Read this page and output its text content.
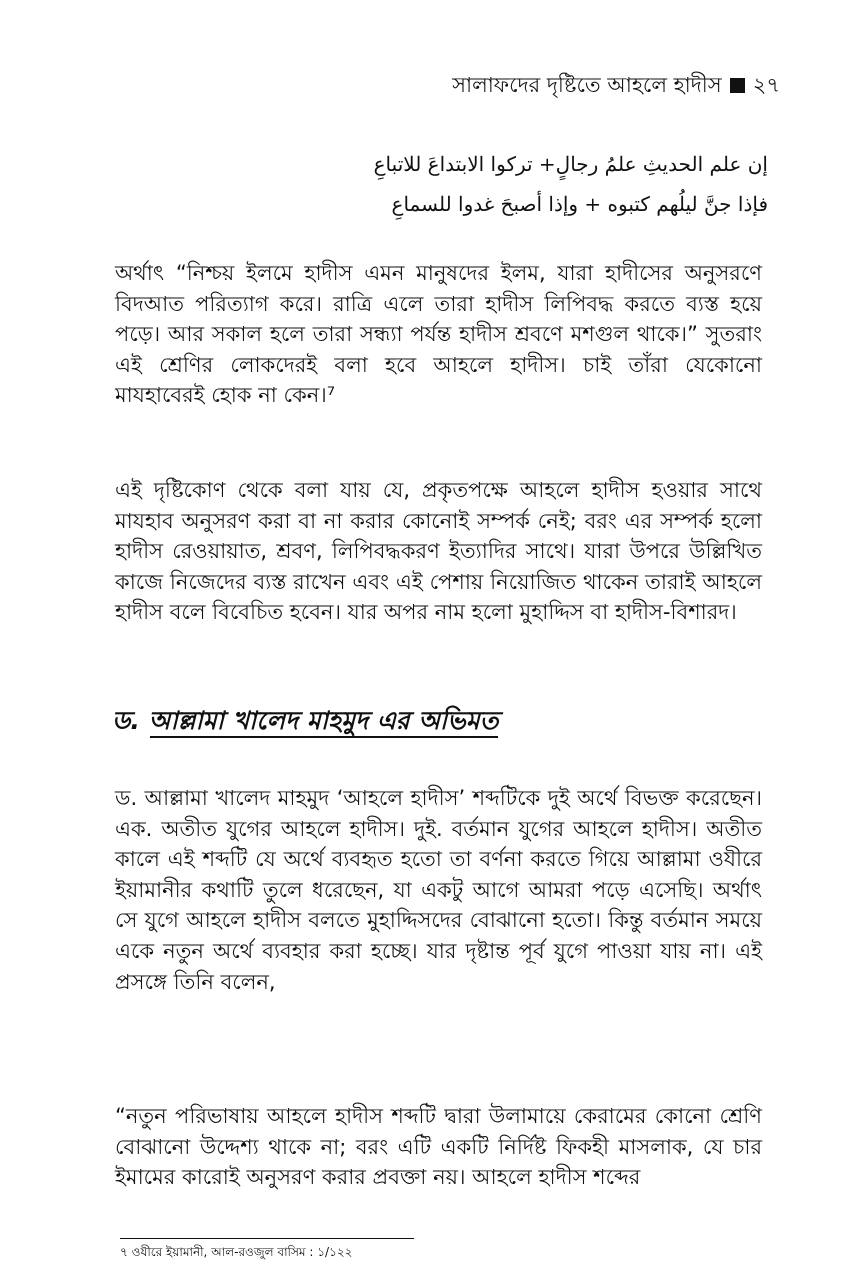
সালাফদের দৃষ্টিতে আহলে হাদীস ২৭
إن علم الحديثِ علمُ رجالٍ+ تركوا الابتداعَ للاتباعِ
فإذا جنَّ ليلُهم كتبوه + وإذا أصبحَ غدوا للسماعِ

অর্থাৎ “নিশ্চয় ইলমে হাদীস এমন মানুষদের ইলম, যারা হাদীসের অনুসরণে বিদআত পরিত্যাগ করে। রাত্রি এলে তারা হাদীস লিপিবদ্ধ করতে ব্যস্ত হয়ে পড়ে। আর সকাল হলে তারা সন্ধ্যা পর্যন্ত হাদীস শ্রবণে মশগুল থাকে।” সুতরাং এই শ্রেণির লোকদেরই বলা হবে আহলে হাদীস। চাই তাঁরা যেকোনো মাযহাবেরই হোক না কেন।⁷

এই দৃষ্টিকোণ থেকে বলা যায় যে, প্রকৃতপক্ষে আহলে হাদীস হওয়ার সাথে মাযহাব অনুসরণ করা বা না করার কোনোই সম্পর্ক নেই; বরং এর সম্পর্ক হলো হাদীস রেওয়ায়াত, শ্রবণ, লিপিবদ্ধকরণ ইত্যাদির সাথে। যারা উপরে উল্লিখিত কাজে নিজেদের ব্যস্ত রাখেন এবং এই পেশায় নিয়োজিত থাকেন তারাই আহলে হাদীস বলে বিবেচিত হবেন। যার অপর নাম হলো মুহাদ্দিস বা হাদীস-বিশারদ।

ড. আল্লামা খালেদ মাহমুদ এর অভিমত

ড. আল্লামা খালেদ মাহমুদ ‘আহলে হাদীস’ শব্দটিকে দুই অর্থে বিভক্ত করেছেন। এক. অতীত যুগের আহলে হাদীস। দুই. বর্তমান যুগের আহলে হাদীস। অতীত কালে এই শব্দটি যে অর্থে ব্যবহৃত হতো তা বর্ণনা করতে গিয়ে আল্লামা ওযীরে ইয়ামানীর কথাটি তুলে ধরেছেন, যা একটু আগে আমরা পড়ে এসেছি। অর্থাৎ সে যুগে আহলে হাদীস বলতে মুহাদ্দিসদের বোঝানো হতো। কিন্তু বর্তমান সময়ে একে নতুন অর্থে ব্যবহার করা হচ্ছে। যার দৃষ্টান্ত পূর্ব যুগে পাওয়া যায় না। এই প্রসঙ্গে তিনি বলেন,

“নতুন পরিভাষায় আহলে হাদীস শব্দটি দ্বারা উলামায়ে কেরামের কোনো শ্রেণি বোঝানো উদ্দেশ্য থাকে না; বরং এটি একটি নির্দিষ্ট ফিকহী মাসলাক, যে চার ইমামের কারোই অনুসরণ করার প্রবক্তা নয়। আহলে হাদীস শব্দের

৭ ওযীরে ইয়ামানী, আল-রওজুল বাসিম : ১/১২২
